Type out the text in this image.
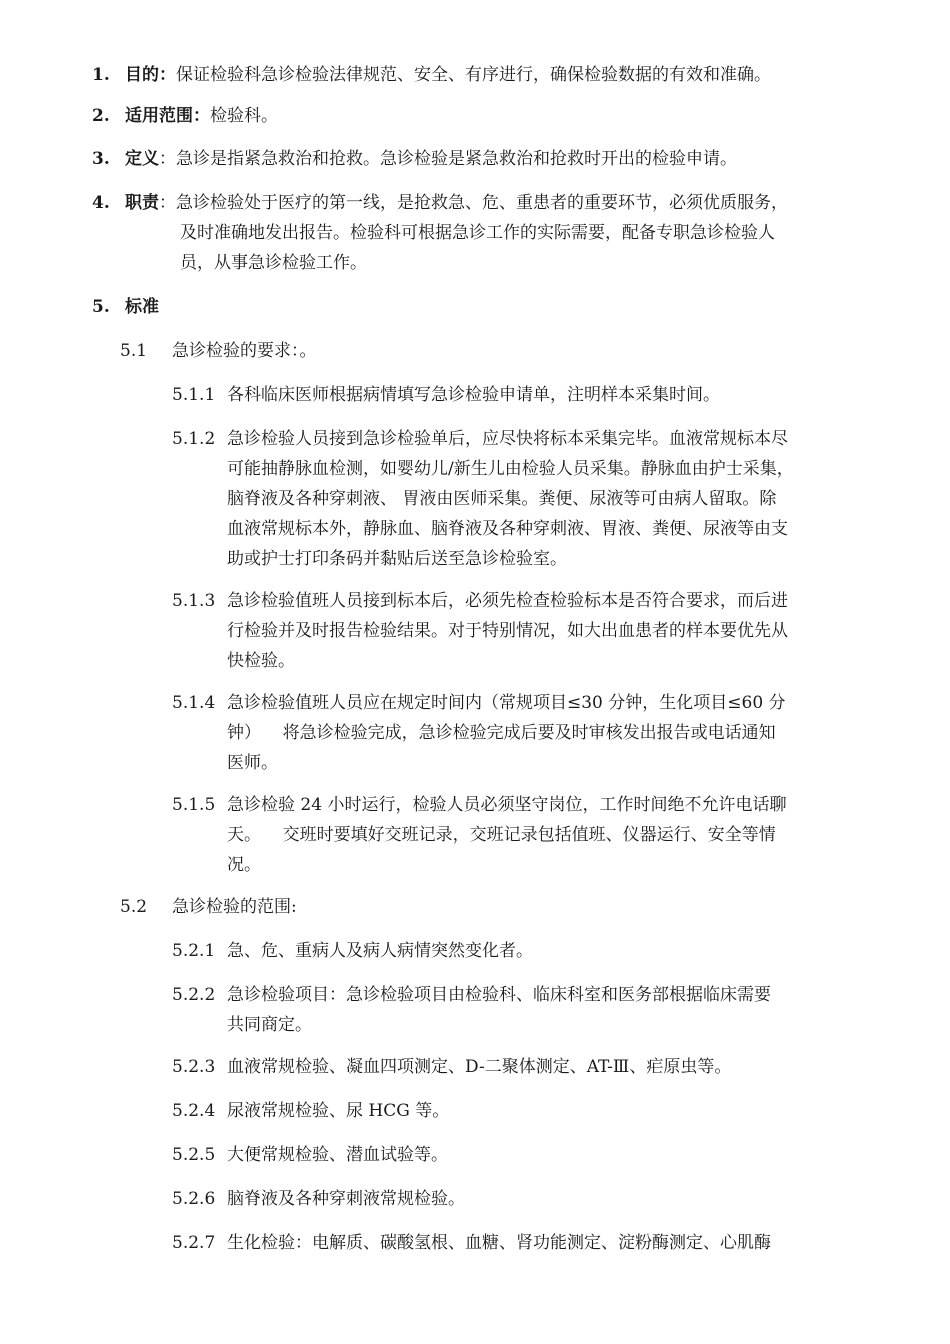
1. 目的：保证检验科急诊检验法律规范、安全、有序进行，确保检验数据的有效和准确。
2. 适用范围：检验科。
3. 定义：急诊是指紧急救治和抢救。急诊检验是紧急救治和抢救时开出的检验申请。
4. 职责：急诊检验处于医疗的第一线，是抢救急、危、重患者的重要环节，必须优质服务，
及时准确地发出报告。检验科可根据急诊工作的实际需要，配备专职急诊检验人
员，从事急诊检验工作。
5. 标准
5.1 急诊检验的要求：。
5.1.1 各科临床医师根据病情填写急诊检验申请单，注明样本采集时间。
5.1.2 急诊检验人员接到急诊检验单后，应尽快将标本采集完毕。血液常规标本尽
可能抽静脉血检测，如婴幼儿/新生儿由检验人员采集。静脉血由护士采集，
脑脊液及各种穿刺液、 胃液由医师采集。粪便、尿液等可由病人留取。除
血液常规标本外，静脉血、脑脊液及各种穿刺液、胃液、粪便、尿液等由支
助或护士打印条码并黏贴后送至急诊检验室。
5.1.3 急诊检验值班人员接到标本后，必须先检查检验标本是否符合要求，而后进
行检验并及时报告检验结果。对于特别情况，如大出血患者的样本要优先从
快检验。
5.1.4 急诊检验值班人员应在规定时间内（常规项目≤30 分钟，生化项目≤60 分
钟）    将急诊检验完成，急诊检验完成后要及时审核发出报告或电话通知
医师。
5.1.5 急诊检验 24 小时运行，检验人员必须坚守岗位，工作时间绝不允许电话聊
天。    交班时要填好交班记录，交班记录包括值班、仪器运行、安全等情
况。
5.2 急诊检验的范围:
5.2.1 急、危、重病人及病人病情突然变化者。
5.2.2 急诊检验项目：急诊检验项目由检验科、临床科室和医务部根据临床需要
共同商定。
5.2.3 血液常规检验、凝血四项测定、D-二聚体测定、AT-Ⅲ、疟原虫等。
5.2.4 尿液常规检验、尿 HCG 等。
5.2.5 大便常规检验、潜血试验等。
5.2.6 脑脊液及各种穿刺液常规检验。
5.2.7 生化检验：电解质、碳酸氢根、血糖、肾功能测定、淀粉酶测定、心肌酶
